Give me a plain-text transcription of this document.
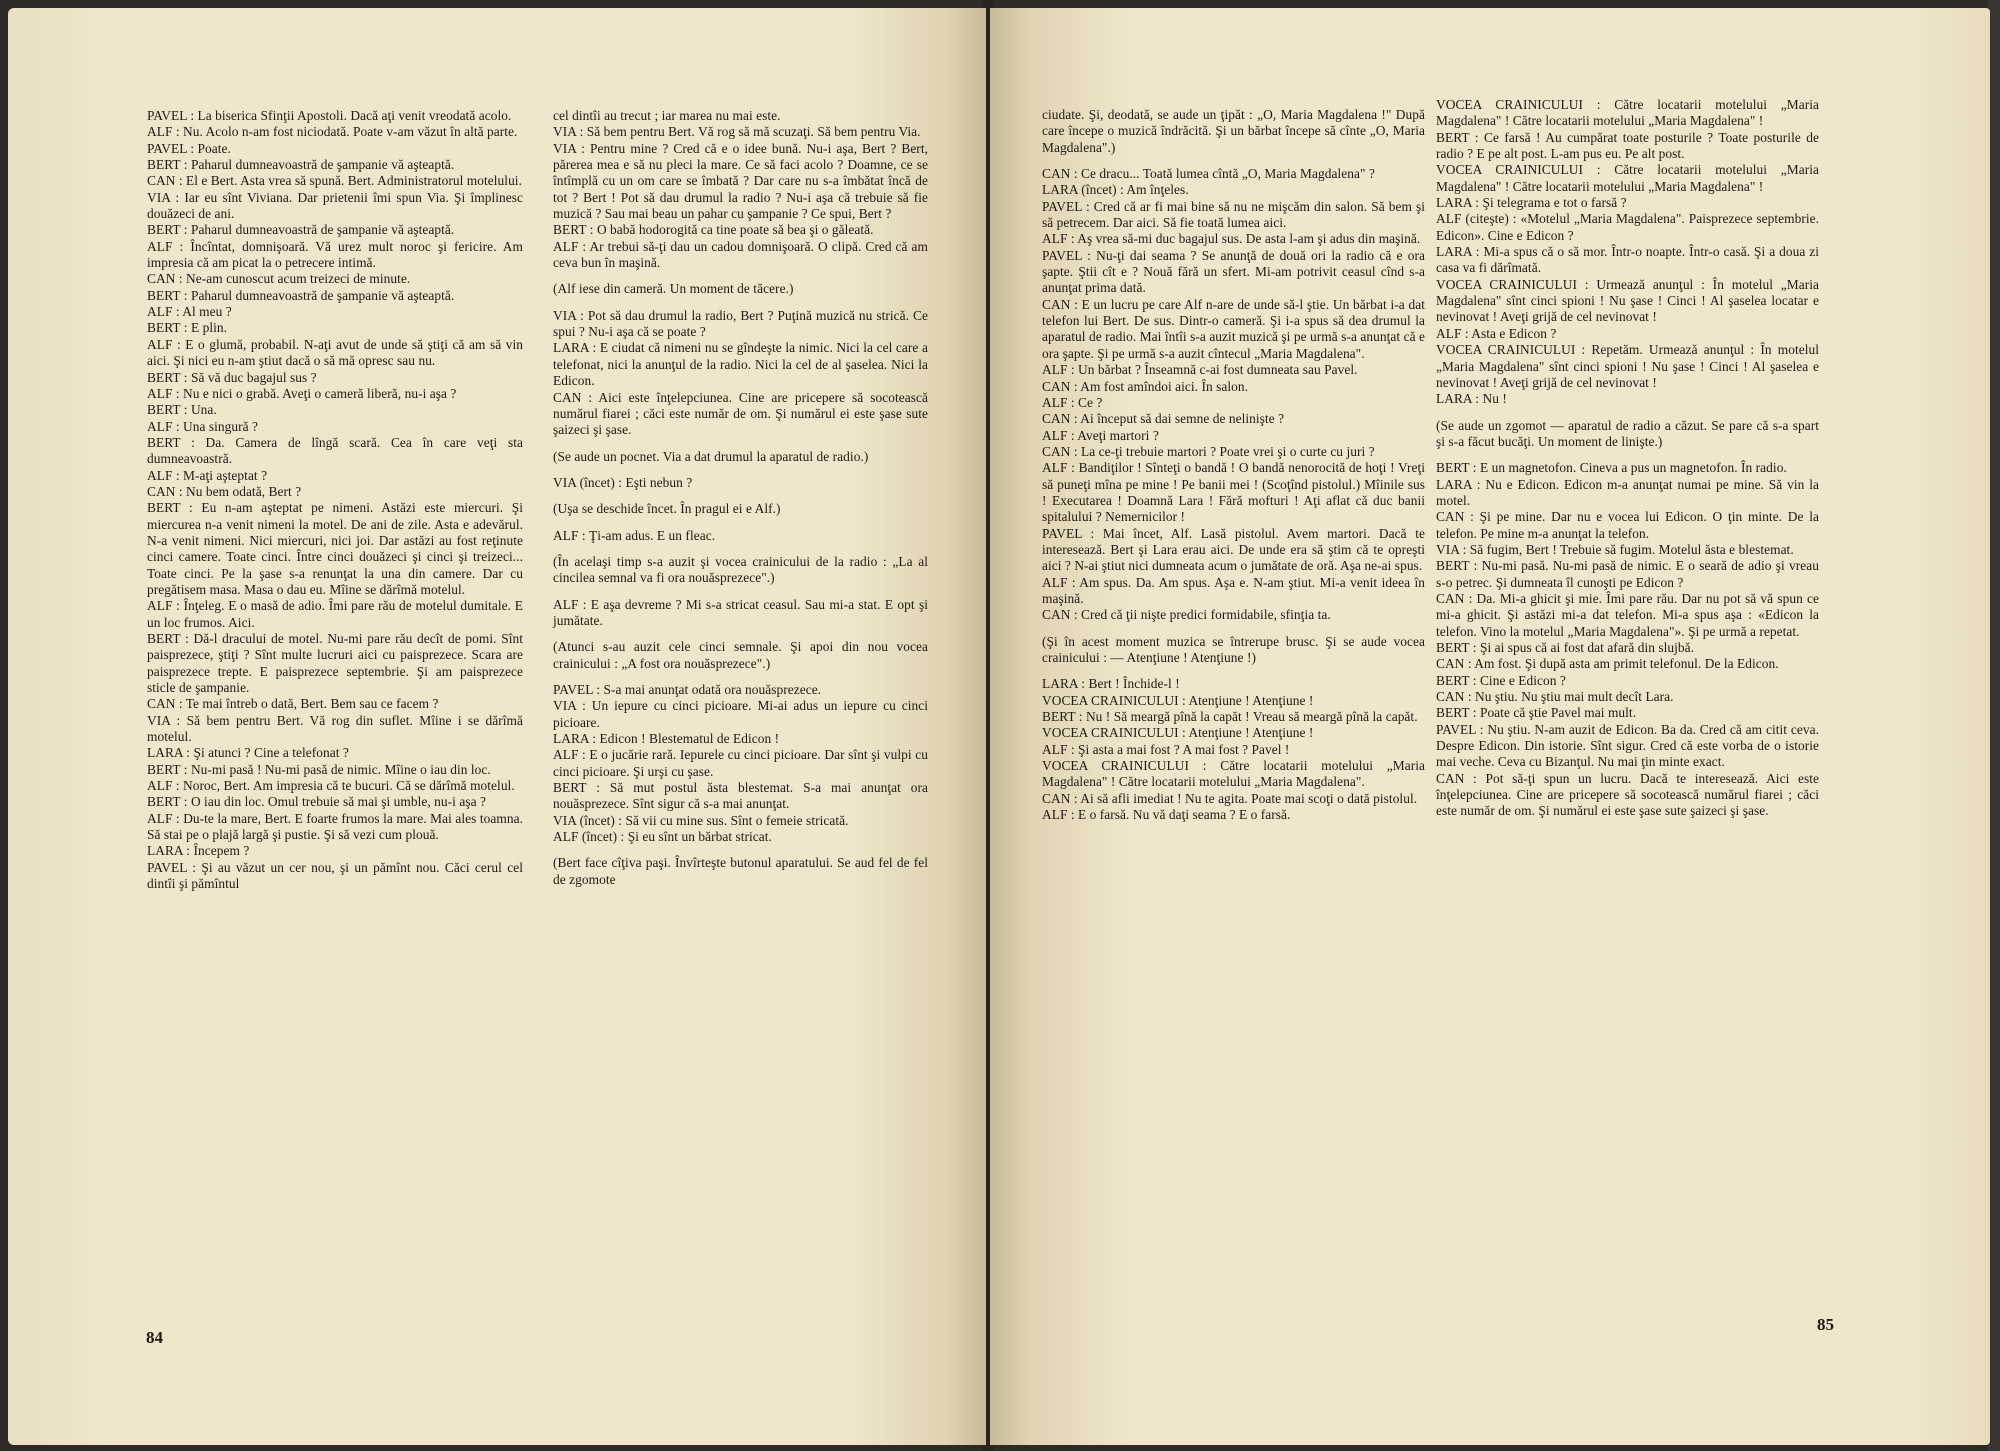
PAVEL : La biserica Sfinţii Apostoli. Dacă aţi venit vreodată acolo.

ALF : Nu. Acolo n-am fost niciodată. Poate v-am văzut în altă parte.

PAVEL : Poate.

BERT : Paharul dumneavoastră de şampanie vă aşteaptă.

CAN : El e Bert. Asta vrea să spună. Bert. Administratorul motelului.

VIA : Iar eu sînt Viviana. Dar prietenii îmi spun Via. Şi împlinesc douăzeci de ani.

BERT : Paharul dumneavoastră de şampanie vă aşteaptă.

ALF : Încîntat, domnişoară. Vă urez mult noroc şi fericire. Am impresia că am picat la o petrecere intimă.

CAN : Ne-am cunoscut acum treizeci de minute.

BERT : Paharul dumneavoastră de şampanie vă aşteaptă.

ALF : Al meu ?

BERT : E plin.

ALF : E o glumă, probabil. N-aţi avut de unde să ştiţi că am să vin aici. Şi nici eu n-am ştiut dacă o să mă opresc sau nu.

BERT : Să vă duc bagajul sus ?

ALF : Nu e nici o grabă. Aveţi o cameră liberă, nu-i aşa ?

BERT : Una.

ALF : Una singură ?

BERT : Da. Camera de lîngă scară. Cea în care veţi sta dumneavoastră.

ALF : M-aţi aşteptat ?

CAN : Nu bem odată, Bert ?

BERT : Eu n-am aşteptat pe nimeni. Astăzi este miercuri. Şi miercurea n-a venit nimeni la motel. De ani de zile. Asta e adevărul. N-a venit nimeni. Nici miercuri, nici joi. Dar astăzi au fost reţinute cinci camere. Toate cinci. Între cinci douăzeci şi cinci şi treizeci... Toate cinci. Pe la şase s-a renunţat la una din camere. Dar cu pregătisem masa. Masa o dau eu. Mîine se dărîmă motelul.

ALF : Înţeleg. E o masă de adio. Îmi pare rău de motelul dumitale. E un loc frumos. Aici.

BERT : Dă-l dracului de motel. Nu-mi pare rău decît de pomi. Sînt paisprezece, ştiţi ? Sînt multe lucruri aici cu paisprezece. Scara are paisprezece trepte. E paisprezece septembrie. Şi am paisprezece sticle de şampanie.

CAN : Te mai întreb o dată, Bert. Bem sau ce facem ?

VIA : Să bem pentru Bert. Vă rog din suflet. Mîine i se dărîmă motelul.

LARA : Şi atunci ? Cine a telefonat ?

BERT : Nu-mi pasă ! Nu-mi pasă de nimic. Mîine o iau din loc.

ALF : Noroc, Bert. Am impresia că te bucuri. Că se dărîmă motelul.

BERT : O iau din loc. Omul trebuie să mai şi umble, nu-i aşa ?

ALF : Du-te la mare, Bert. E foarte frumos la mare. Mai ales toamna. Să stai pe o plajă largă şi pustie. Şi să vezi cum plouă.

LARA : Începem ?

PAVEL : Şi au văzut un cer nou, şi un pămînt nou. Căci cerul cel dintîi şi pămîntul

cel dintîi au trecut ; iar marea nu mai este.

VIA : Să bem pentru Bert. Vă rog să mă scuzaţi. Să bem pentru Via.

VIA : Pentru mine ? Cred că e o idee bună. Nu-i aşa, Bert ? Bert, părerea mea e să nu pleci la mare. Ce să faci acolo ? Doamne, ce se întîmplă cu un om care se îmbată ? Dar care nu s-a îmbătat încă de tot ? Bert ! Pot să dau drumul la radio ? Nu-i aşa că trebuie să fie muzică ? Sau mai beau un pahar cu şampanie ? Ce spui, Bert ?

BERT : O babă hodorogită ca tine poate să bea şi o găleată.

ALF : Ar trebui să-ţi dau un cadou domnişoară. O clipă. Cred că am ceva bun în maşină.

(Alf iese din cameră. Un moment de tăcere.)

VIA : Pot să dau drumul la radio, Bert ? Puţină muzică nu strică. Ce spui ? Nu-i aşa că se poate ?

LARA : E ciudat că nimeni nu se gîndeşte la nimic. Nici la cel care a telefonat, nici la anunţul de la radio. Nici la cel de al şaselea. Nici la Edicon.

CAN : Aici este înţelepciunea. Cine are pricepere să socotească numărul fiarei ; căci este număr de om. Şi numărul ei este şase sute şaizeci şi şase.

(Se aude un pocnet. Via a dat drumul la aparatul de radio.)

VIA (încet) : Eşti nebun ?

(Uşa se deschide încet. În pragul ei e Alf.)

ALF : Ţi-am adus. E un fleac.

(În acelaşi timp s-a auzit şi vocea crainicului de la radio : „La al cincilea semnal va fi ora nouăsprezece".)

ALF : E aşa devreme ? Mi s-a stricat ceasul. Sau mi-a stat. E opt şi jumătate.

(Atunci s-au auzit cele cinci semnale. Şi apoi din nou vocea crainicului : „A fost ora nouăsprezece".)

PAVEL : S-a mai anunţat odată ora nouăsprezece.

VIA : Un iepure cu cinci picioare. Mi-ai adus un iepure cu cinci picioare.

LARA : Edicon ! Blestematul de Edicon !

ALF : E o jucărie rară. Iepurele cu cinci picioare. Dar sînt şi vulpi cu cinci picioare. Şi urşi cu şase.

BERT : Să mut postul ăsta blestemat. S-a mai anunţat ora nouăsprezece. Sînt sigur că s-a mai anunţat.

VIA (încet) : Să vii cu mine sus. Sînt o femeie stricată.

ALF (încet) : Şi eu sînt un bărbat stricat.

(Bert face cîţiva paşi. Învîrteşte butonul aparatului. Se aud fel de fel de zgomote

ciudate. Şi, deodată, se aude un ţipăt : „O, Maria Magdalena !" După care începe o muzică îndrăcită. Şi un bărbat începe să cînte „O, Maria Magdalena".)

CAN : Ce dracu... Toată lumea cîntă „O, Maria Magdalena" ?

LARA (încet) : Am înţeles.

PAVEL : Cred că ar fi mai bine să nu ne mişcăm din salon. Să bem şi să petrecem. Dar aici. Să fie toată lumea aici.

ALF : Aş vrea să-mi duc bagajul sus. De asta l-am şi adus din maşină.

PAVEL : Nu-ţi dai seama ? Se anunţă de două ori la radio că e ora şapte. Ştii cît e ? Nouă fără un sfert. Mi-am potrivit ceasul cînd s-a anunţat prima dată.

CAN : E un lucru pe care Alf n-are de unde să-l ştie. Un bărbat i-a dat telefon lui Bert. De sus. Dintr-o cameră. Şi i-a spus să dea drumul la aparatul de radio. Mai întîi s-a auzit muzică şi pe urmă s-a anunţat că e ora şapte. Şi pe urmă s-a auzit cîntecul „Maria Magdalena".

ALF : Un bărbat ? Înseamnă c-ai fost dumneata sau Pavel.

CAN : Am fost amîndoi aici. În salon.

ALF : Ce ?

CAN : Ai început să dai semne de nelinişte ?

ALF : Aveţi martori ?

CAN : La ce-ţi trebuie martori ? Poate vrei şi o curte cu juri ?

ALF : Bandiţilor ! Sînteţi o bandă ! O bandă nenorocită de hoţi ! Vreţi să puneţi mîna pe mine ! Pe banii mei ! (Scoţînd pistolul.) Mîinile sus ! Executarea ! Doamnă Lara ! Fără mofturi ! Aţi aflat că duc banii spitalului ? Nemernicilor !

PAVEL : Mai încet, Alf. Lasă pistolul. Avem martori. Dacă te interesează. Bert şi Lara erau aici. De unde era să ştim că te opreşti aici ? N-ai ştiut nici dumneata acum o jumătate de oră. Aşa ne-ai spus.

ALF : Am spus. Da. Am spus. Aşa e. N-am ştiut. Mi-a venit ideea în maşină.

CAN : Cred că ţii nişte predici formidabile, sfinţia ta.

(Şi în acest moment muzica se întrerupe brusc. Şi se aude vocea crainicului : — Atenţiune ! Atenţiune !)

LARA : Bert ! Închide-l !

VOCEA CRAINICULUI : Atenţiune ! Atenţiune !

BERT : Nu ! Să meargă pînă la capăt ! Vreau să meargă pînă la capăt.

VOCEA CRAINICULUI : Atenţiune ! Atenţiune !

ALF : Şi asta a mai fost ? A mai fost ? Pavel !

VOCEA CRAINICULUI : Către locatarii motelului „Maria Magdalena" ! Către locatarii motelului „Maria Magdalena".

CAN : Ai să afli imediat ! Nu te agita. Poate mai scoţi o dată pistolul.

ALF : E o farsă. Nu vă daţi seama ? E o farsă.

VOCEA CRAINICULUI : Către locatarii motelului „Maria Magdalena" ! Către locatarii motelului „Maria Magdalena" !

BERT : Ce farsă ! Au cumpărat toate posturile ? Toate posturile de radio ? E pe alt post. L-am pus eu. Pe alt post.

VOCEA CRAINICULUI : Către locatarii motelului „Maria Magdalena" ! Către locatarii motelului „Maria Magdalena" !

LARA : Şi telegrama e tot o farsă ?

ALF (citeşte) : «Motelul „Maria Magdalena". Paisprezece septembrie. Edicon». Cine e Edicon ?

LARA : Mi-a spus că o să mor. Într-o noapte. Într-o casă. Şi a doua zi casa va fi dărîmată.

VOCEA CRAINICULUI : Urmează anunţul : În motelul „Maria Magdalena" sînt cinci spioni ! Nu şase ! Cinci ! Al şaselea locatar e nevinovat ! Aveţi grijă de cel nevinovat !

ALF : Asta e Edicon ?

VOCEA CRAINICULUI : Repetăm. Urmează anunţul : În motelul „Maria Magdalena" sînt cinci spioni ! Nu şase ! Cinci ! Al şaselea e nevinovat ! Aveţi grijă de cel nevinovat !

LARA : Nu !

(Se aude un zgomot — aparatul de radio a căzut. Se pare că s-a spart şi s-a făcut bucăţi. Un moment de linişte.)

BERT : E un magnetofon. Cineva a pus un magnetofon. În radio.

LARA : Nu e Edicon. Edicon m-a anunţat numai pe mine. Să vin la motel.

CAN : Şi pe mine. Dar nu e vocea lui Edicon. O ţin minte. De la telefon. Pe mine m-a anunţat la telefon.

VIA : Să fugim, Bert ! Trebuie să fugim. Motelul ăsta e blestemat.

BERT : Nu-mi pasă. Nu-mi pasă de nimic. E o seară de adio şi vreau s-o petrec. Şi dumneata îl cunoşti pe Edicon ?

CAN : Da. Mi-a ghicit şi mie. Îmi pare rău. Dar nu pot să vă spun ce mi-a ghicit. Şi astăzi mi-a dat telefon. Mi-a spus aşa : «Edicon la telefon. Vino la motelul „Maria Magdalena"». Şi pe urmă a repetat.

BERT : Şi ai spus că ai fost dat afară din slujbă.

CAN : Am fost. Şi după asta am primit telefonul. De la Edicon.

BERT : Cine e Edicon ?

CAN : Nu ştiu. Nu ştiu mai mult decît Lara.

BERT : Poate că ştie Pavel mai mult.

PAVEL : Nu ştiu. N-am auzit de Edicon. Ba da. Cred că am citit ceva. Despre Edicon. Din istorie. Sînt sigur. Cred că este vorba de o istorie mai veche. Ceva cu Bizanţul. Nu mai ţin minte exact.

CAN : Pot să-ţi spun un lucru. Dacă te interesează. Aici este înţelepciunea. Cine are pricepere să socotească numărul fiarei ; căci este număr de om. Şi numărul ei este şase sute şaizeci şi şase.

84
85
